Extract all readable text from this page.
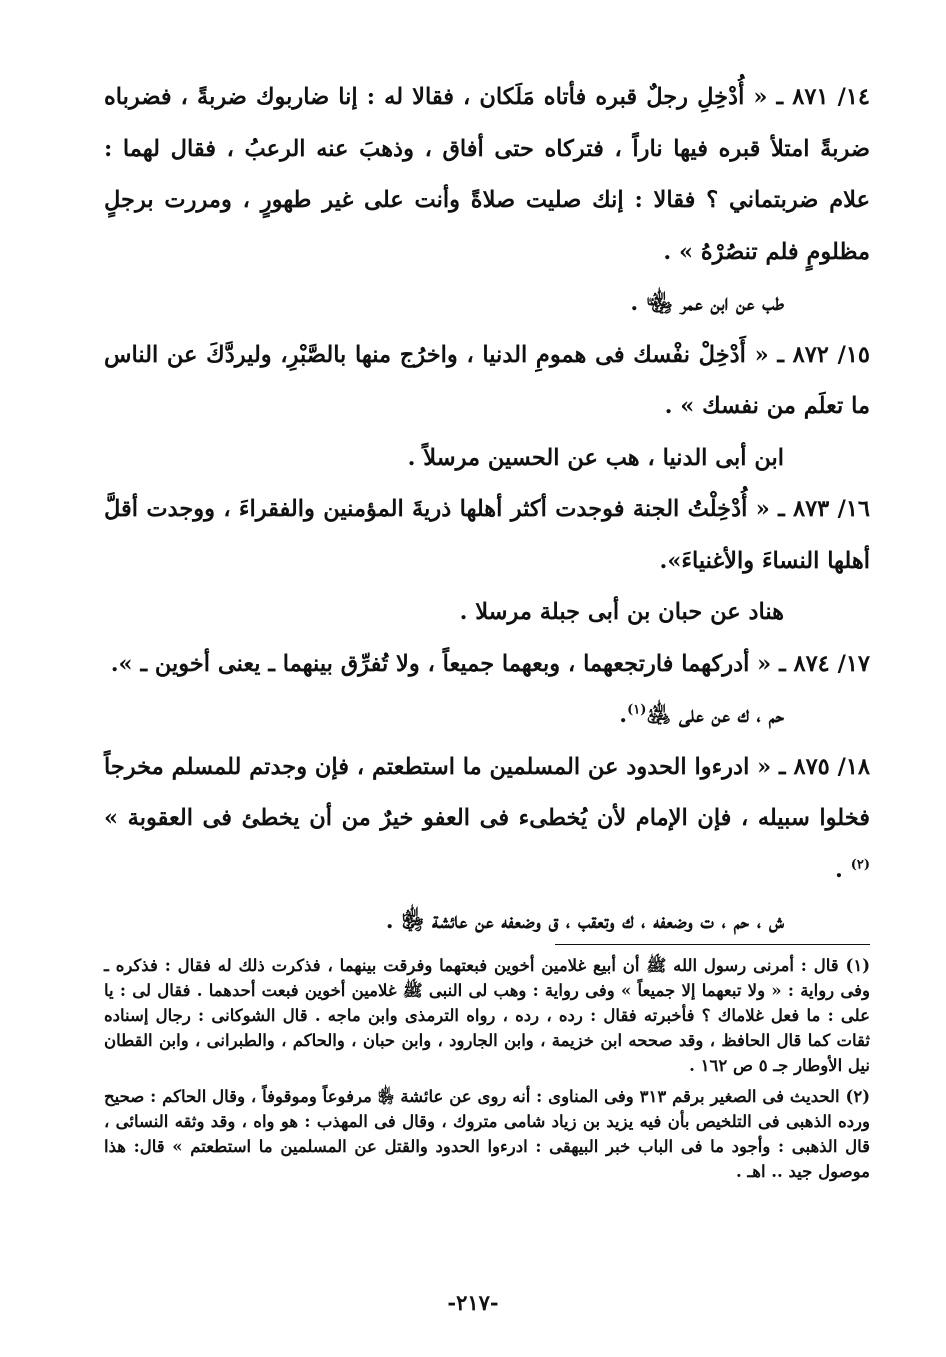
١٤/ ٨٧١ ـ « أُدْخِلِ رجلٌ قبره فأتاه مَلَكان ، فقالا له : إنا ضاربوك ضربةً ، فضرباه ضربةً امتلأ قبره فيها ناراً ، فتركاه حتى أفاق ، وذهبَ عنه الرعبُ ، فقال لهما : علام ضربتماني ؟ فقالا : إنك صليت صلاةً وأنت على غير طهورٍ ، ومررت برجلٍ مظلومٍ فلم تنصُرْهُ » .

طب عن ابن عمر ﵄ .

١٥/ ٨٧٢ ـ « أَدْخِلْ نفْسك فى همومِ الدنيا ، واخرُج منها بالصَّبْرِ، وليردَّكَ عن الناس ما تعلَم من نفسك » .

ابن أبى الدنيا ، هب عن الحسين مرسلاً .

١٦/ ٨٧٣ ـ « أُدْخِلْتُ الجنة فوجدت أكثر أهلها ذريةَ المؤمنين والفقراءَ ، ووجدت أقلَّ أهلها النساءَ والأغنياءَ».

هناد عن حبان بن أبى جبلة مرسلا .

١٧/ ٨٧٤ ـ « أدركهما فارتجعهما ، وبعهما جميعاً ، ولا تُفرِّق بينهما ـ يعنى أخوين ـ ».

حم ، ك عن على ﵁$^{(١)}$.

١٨/ ٨٧٥ ـ « ادرءوا الحدود عن المسلمين ما استطعتم ، فإن وجدتم للمسلم مخرجاً فخلوا سبيله ، فإن الإمام لأن يُخطىء فى العفو خيرٌ من أن يخطئ فى العقوبة » $^{(٢)}$ .

ش ، حم ، ت وضعفه ، ك وتعقب ، ق وضعفه عن عائشة ﵂ .

(١) قال : أمرنى رسول الله ﷺ أن أبيع غلامين أخوين فبعتهما وفرقت بينهما ، فذكرت ذلك له فقال : فذكره ـ وفى رواية : « ولا تبعهما إلا جميعاً » وفى رواية : وهب لى النبى ﷺ غلامين أخوين فبعت أحدهما . فقال لى : يا على : ما فعل غلاماك ؟ فأخبرته فقال : رده ، رده ، رواه الترمذى وابن ماجه . قال الشوكانى : رجال إسناده ثقات كما قال الحافظ ، وقد صححه ابن خزيمة ، وابن الجارود ، وابن حبان ، والحاكم ، والطبرانى ، وابن القطان نيل الأوطار جـ ٥ ص ١٦٢ .

(٢) الحديث فى الصغير برقم ٣١٣ وفى المناوى : أنه روى عن عائشة ﵂ مرفوعاً وموقوفاً ، وقال الحاكم : صحيح ورده الذهبى فى التلخيص بأن فيه يزيد بن زياد شامى متروك ، وقال فى المهذب : هو واه ، وقد وثقه النسائى ، قال الذهبى : وأجود ما فى الباب خبر البيهقى : ادرءوا الحدود والقتل عن المسلمين ما استطعتم » قال: هذا موصول جيد .. اهـ .

-٢١٧-
